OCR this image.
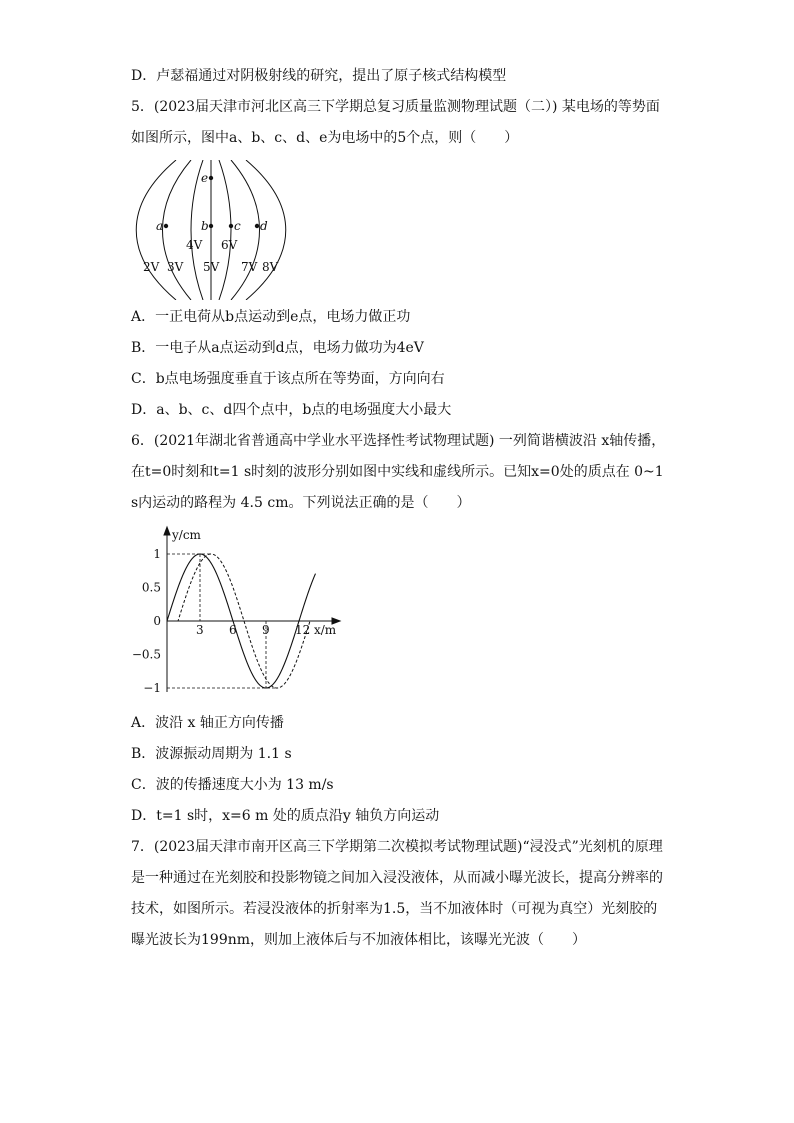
D．卢瑟福通过对阴极射线的研究，提出了原子核式结构模型
5．(2023届天津市河北区高三下学期总复习质量监测物理试题（二）) 某电场的等势面
如图所示，图中a、b、c、d、e为电场中的5个点，则（　　）
e
a	b c d
4V 6V
2V 3V 5V 7V 8V
A．一正电荷从b点运动到e点，电场力做正功
B．一电子从a点运动到d点，电场力做功为4eV
C．b点电场强度垂直于该点所在等势面，方向向右
D．a、b、c、d四个点中，b点的电场强度大小最大
6．(2021年湖北省普通高中学业水平选择性考试物理试题) 一列简谐横波沿 x轴传播，
在t=0时刻和t=1 s时刻的波形分别如图中实线和虚线所示。已知x=0处的质点在 0~1
s内运动的路程为 4.5 cm。下列说法正确的是（　　）
3 6 9 12
1
0.5
0
−0.5
−1
y/cm
x/m
A．波沿 x 轴正方向传播
B．波源振动周期为 1.1 s
C．波的传播速度大小为 13 m/s
D．t=1 s时，x=6 m 处的质点沿y 轴负方向运动
7．(2023届天津市南开区高三下学期第二次模拟考试物理试题)“浸没式”光刻机的原理
是一种通过在光刻胶和投影物镜之间加入浸没液体，从而减小曝光波长，提高分辨率的
技术，如图所示。若浸没液体的折射率为1.5，当不加液体时（可视为真空）光刻胶的
曝光波长为199nm，则加上液体后与不加液体相比，该曝光光波（　　）
